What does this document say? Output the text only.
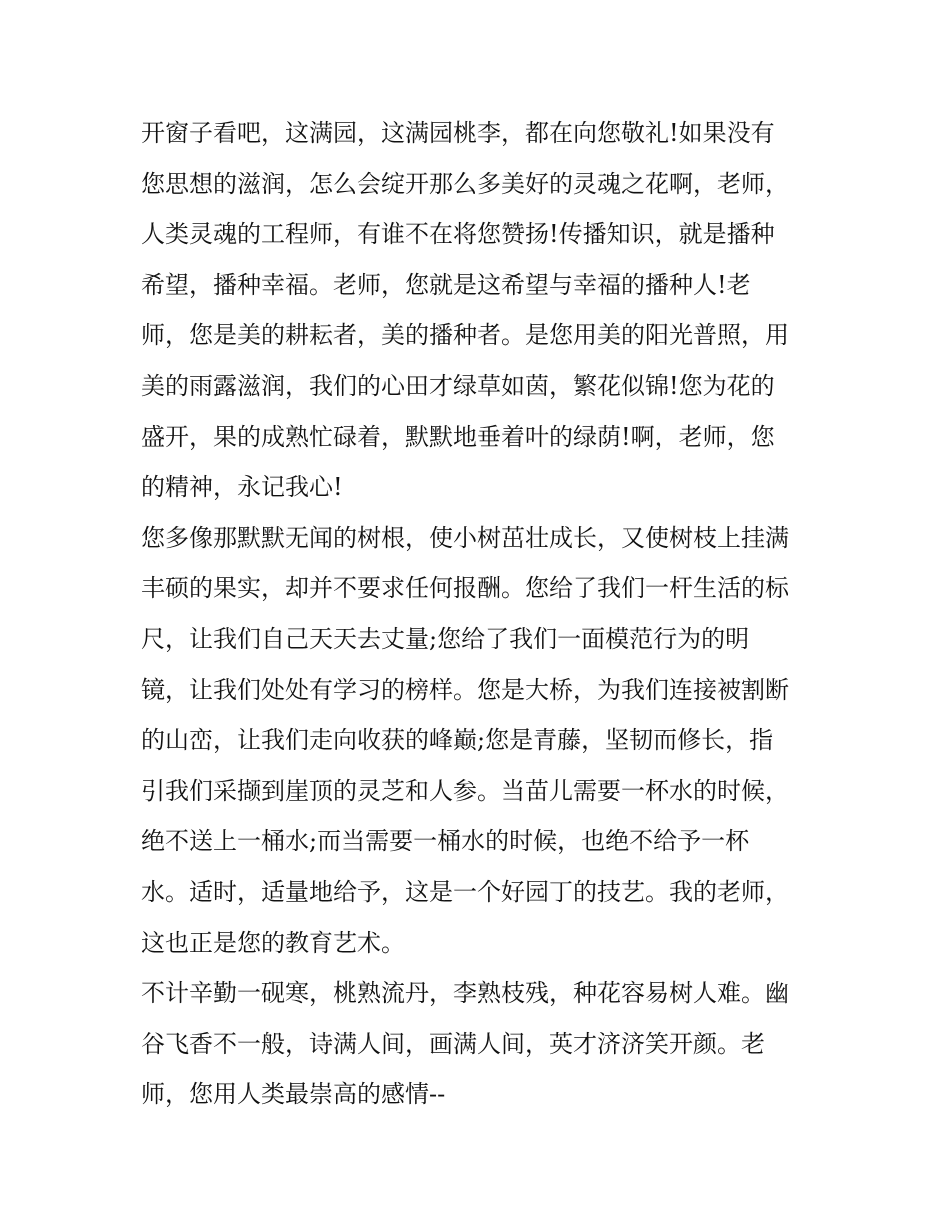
开窗子看吧，这满园，这满园桃李，都在向您敬礼!如果没有
您思想的滋润，怎么会绽开那么多美好的灵魂之花啊，老师，
人类灵魂的工程师，有谁不在将您赞扬!传播知识，就是播种
希望，播种幸福。老师，您就是这希望与幸福的播种人!老
师，您是美的耕耘者，美的播种者。是您用美的阳光普照，用
美的雨露滋润，我们的心田才绿草如茵，繁花似锦!您为花的
盛开，果的成熟忙碌着，默默地垂着叶的绿荫!啊，老师，您
的精神，永记我心!
您多像那默默无闻的树根，使小树茁壮成长，又使树枝上挂满
丰硕的果实，却并不要求任何报酬。您给了我们一杆生活的标
尺，让我们自己天天去丈量;您给了我们一面模范行为的明
镜，让我们处处有学习的榜样。您是大桥，为我们连接被割断
的山峦，让我们走向收获的峰巅;您是青藤，坚韧而修长，指
引我们采撷到崖顶的灵芝和人参。当苗儿需要一杯水的时候，
绝不送上一桶水;而当需要一桶水的时候，也绝不给予一杯
水。适时，适量地给予，这是一个好园丁的技艺。我的老师，
这也正是您的教育艺术。
不计辛勤一砚寒，桃熟流丹，李熟枝残，种花容易树人难。幽
谷飞香不一般，诗满人间，画满人间，英才济济笑开颜。老
师，您用人类最崇高的感情--
